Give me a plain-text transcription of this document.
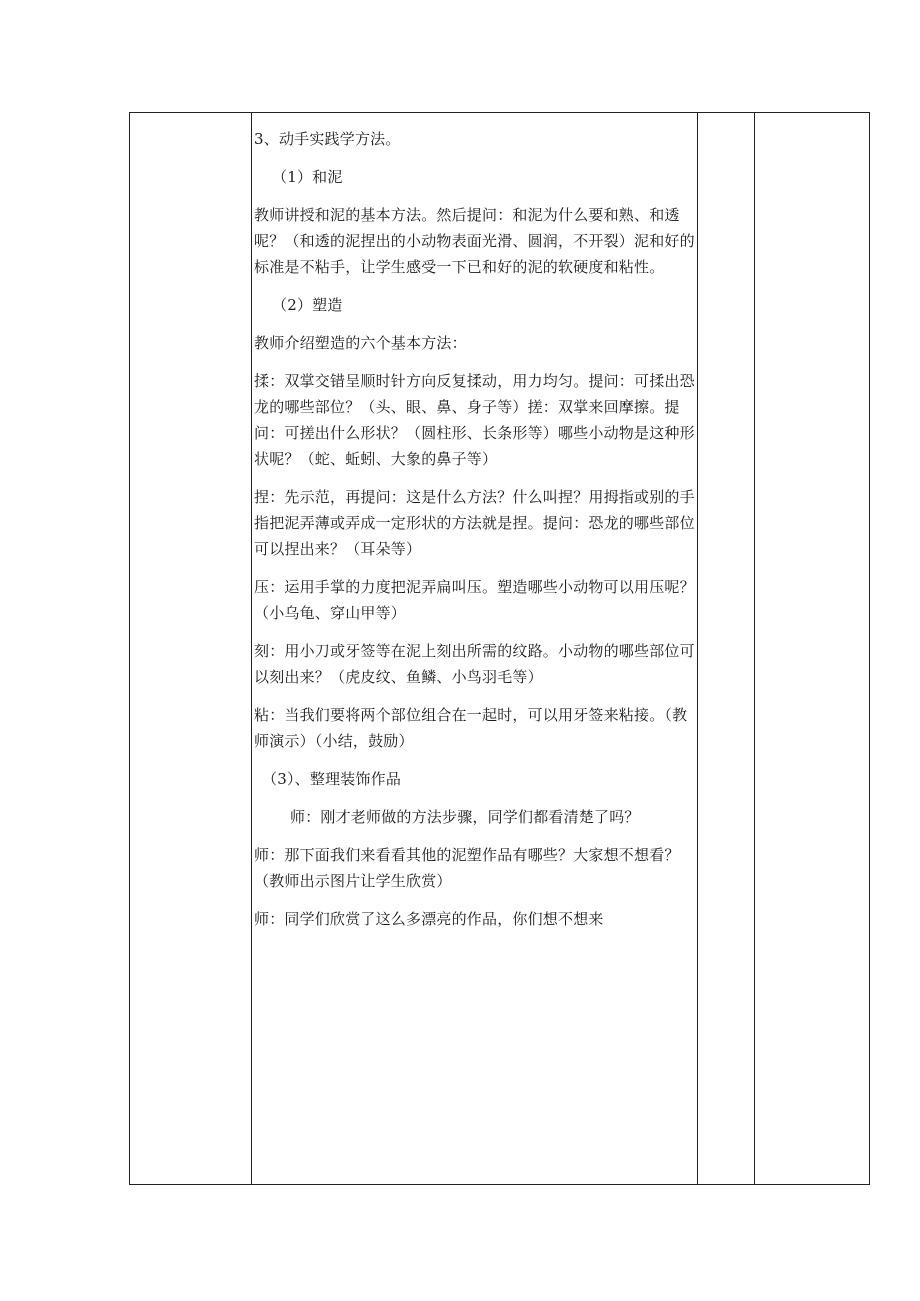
3、动手实践学方法。

（1）和泥

教师讲授和泥的基本方法。然后提问：和泥为什么要和熟、和透呢？（和透的泥捏出的小动物表面光滑、圆润，不开裂）泥和好的标准是不粘手，让学生感受一下已和好的泥的软硬度和粘性。

（2）塑造

教师介绍塑造的六个基本方法：

揉：双掌交错呈顺时针方向反复揉动，用力均匀。提问：可揉出恐龙的哪些部位？（头、眼、鼻、身子等）搓：双掌来回摩擦。提问：可搓出什么形状？（圆柱形、长条形等）哪些小动物是这种形状呢？（蛇、蚯蚓、大象的鼻子等）

捏：先示范，再提问：这是什么方法？什么叫捏？用拇指或别的手指把泥弄薄或弄成一定形状的方法就是捏。提问：恐龙的哪些部位可以捏出来？（耳朵等）

压：运用手掌的力度把泥弄扁叫压。塑造哪些小动物可以用压呢？（小乌龟、穿山甲等）

刻：用小刀或牙签等在泥上刻出所需的纹路。小动物的哪些部位可以刻出来？（虎皮纹、鱼鳞、小鸟羽毛等）

粘：当我们要将两个部位组合在一起时，可以用牙签来粘接。（教师演示）（小结，鼓励）

（3）、整理装饰作品

师：刚才老师做的方法步骤，同学们都看清楚了吗？

师：那下面我们来看看其他的泥塑作品有哪些？大家想不想看？（教师出示图片让学生欣赏）

师：同学们欣赏了这么多漂亮的作品，你们想不想来
